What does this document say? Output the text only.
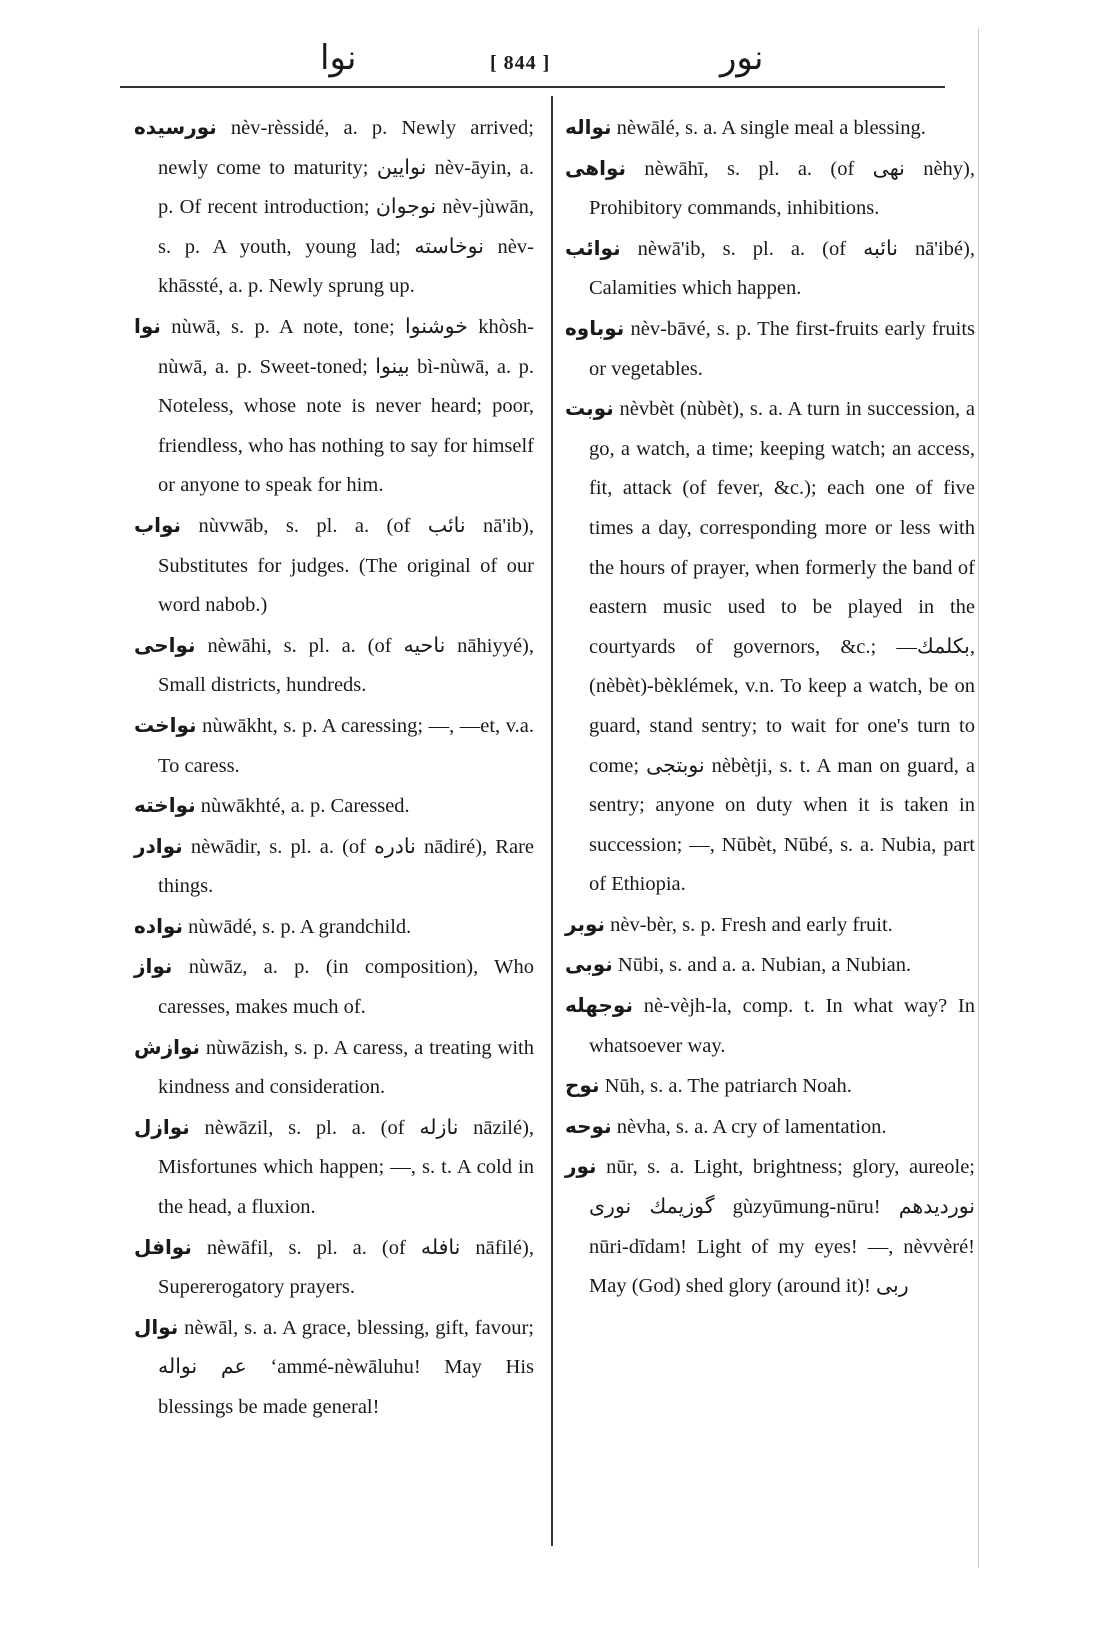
نوا	[ 844 ]	نور
نورسیده nèv-rèssidé, a. p. Newly arrived; newly come to maturity; نوایین nèv-āyin, a. p. Of recent introduction; نوجوان nèv-jùwān, s. p. A youth, young lad; نوخاسته nèv-khāssté, a. p. Newly sprung up.
نوا nùwā, s. p. A note, tone; خوشنوا khòsh-nùwā, a. p. Sweet-toned; بینوا bì-nùwā, a. p. Noteless, whose note is never heard; poor, friendless, who has nothing to say for himself or anyone to speak for him.
نواب nùvwāb, s. pl. a. (of نائب nā'ib), Substitutes for judges. (The original of our word nabob.)
نواحی nèwāhi, s. pl. a. (of ناحیه nāhiyyé), Small districts, hundreds.
نواخت nùwākht, s. p. A caressing; ―, ―et, v.a. To caress.
نواخته nùwākhté, a. p. Caressed.
نوادر nèwādir, s. pl. a. (of نادره nādiré), Rare things.
نواده nùwādé, s. p. A grandchild.
نواز nùwāz, a. p. (in composition), Who caresses, makes much of.
نوازش nùwāzish, s. p. A caress, a treating with kindness and consideration.
نوازل nèwāzil, s. pl. a. (of نازله nāzilé), Misfortunes which happen; ―, s. t. A cold in the head, a fluxion.
نوافل nèwāfil, s. pl. a. (of نافله nāfilé), Supererogatory prayers.
نوال nèwāl, s. a. A grace, blessing, gift, favour; عم نواله ʻammé-nèwāluhu! May His blessings be made general!
نواله nèwālé, s. a. A single meal a blessing.
نواهی nèwāhī, s. pl. a. (of نهی nèhy), Prohibitory commands, inhibitions.
نوائب nèwā'ib, s. pl. a. (of نائبه nā'ibé), Calamities which happen.
نوباوه nèv-bāvé, s. p. The first-fruits early fruits or vegetables.
نوبت nèvbèt (nùbèt), s. a. A turn in succession, a go, a watch, a time; keeping watch; an access, fit, attack (of fever, &c.); each one of five times a day, corresponding more or less with the hours of prayer, when formerly the band of eastern music used to be played in the courtyards of governors, &c.; ―بکلمك, (nèbèt)-bèklémek, v.n. To keep a watch, be on guard, stand sentry; to wait for one's turn to come; نوبتجی nèbètji, s. t. A man on guard, a sentry; anyone on duty when it is taken in succession; ―, Nūbèt, Nūbé, s. a. Nubia, part of Ethiopia.
نوبر nèv-bèr, s. p. Fresh and early fruit.
نوبی Nūbi, s. and a. a. Nubian, a Nubian.
نوجهله nè-vèjh-la, comp. t. In what way? In whatsoever way.
نوح Nūh, s. a. The patriarch Noah.
نوحه nèvha, s. a. A cry of lamentation.
نور nūr, s. a. Light, brightness; glory, aureole; گوزیمك نوری gùzyūmung-nūru! نوردیدهم nūri-dīdam! Light of my eyes! ―, nèvvèré! May (God) shed glory (around it)! ربی
